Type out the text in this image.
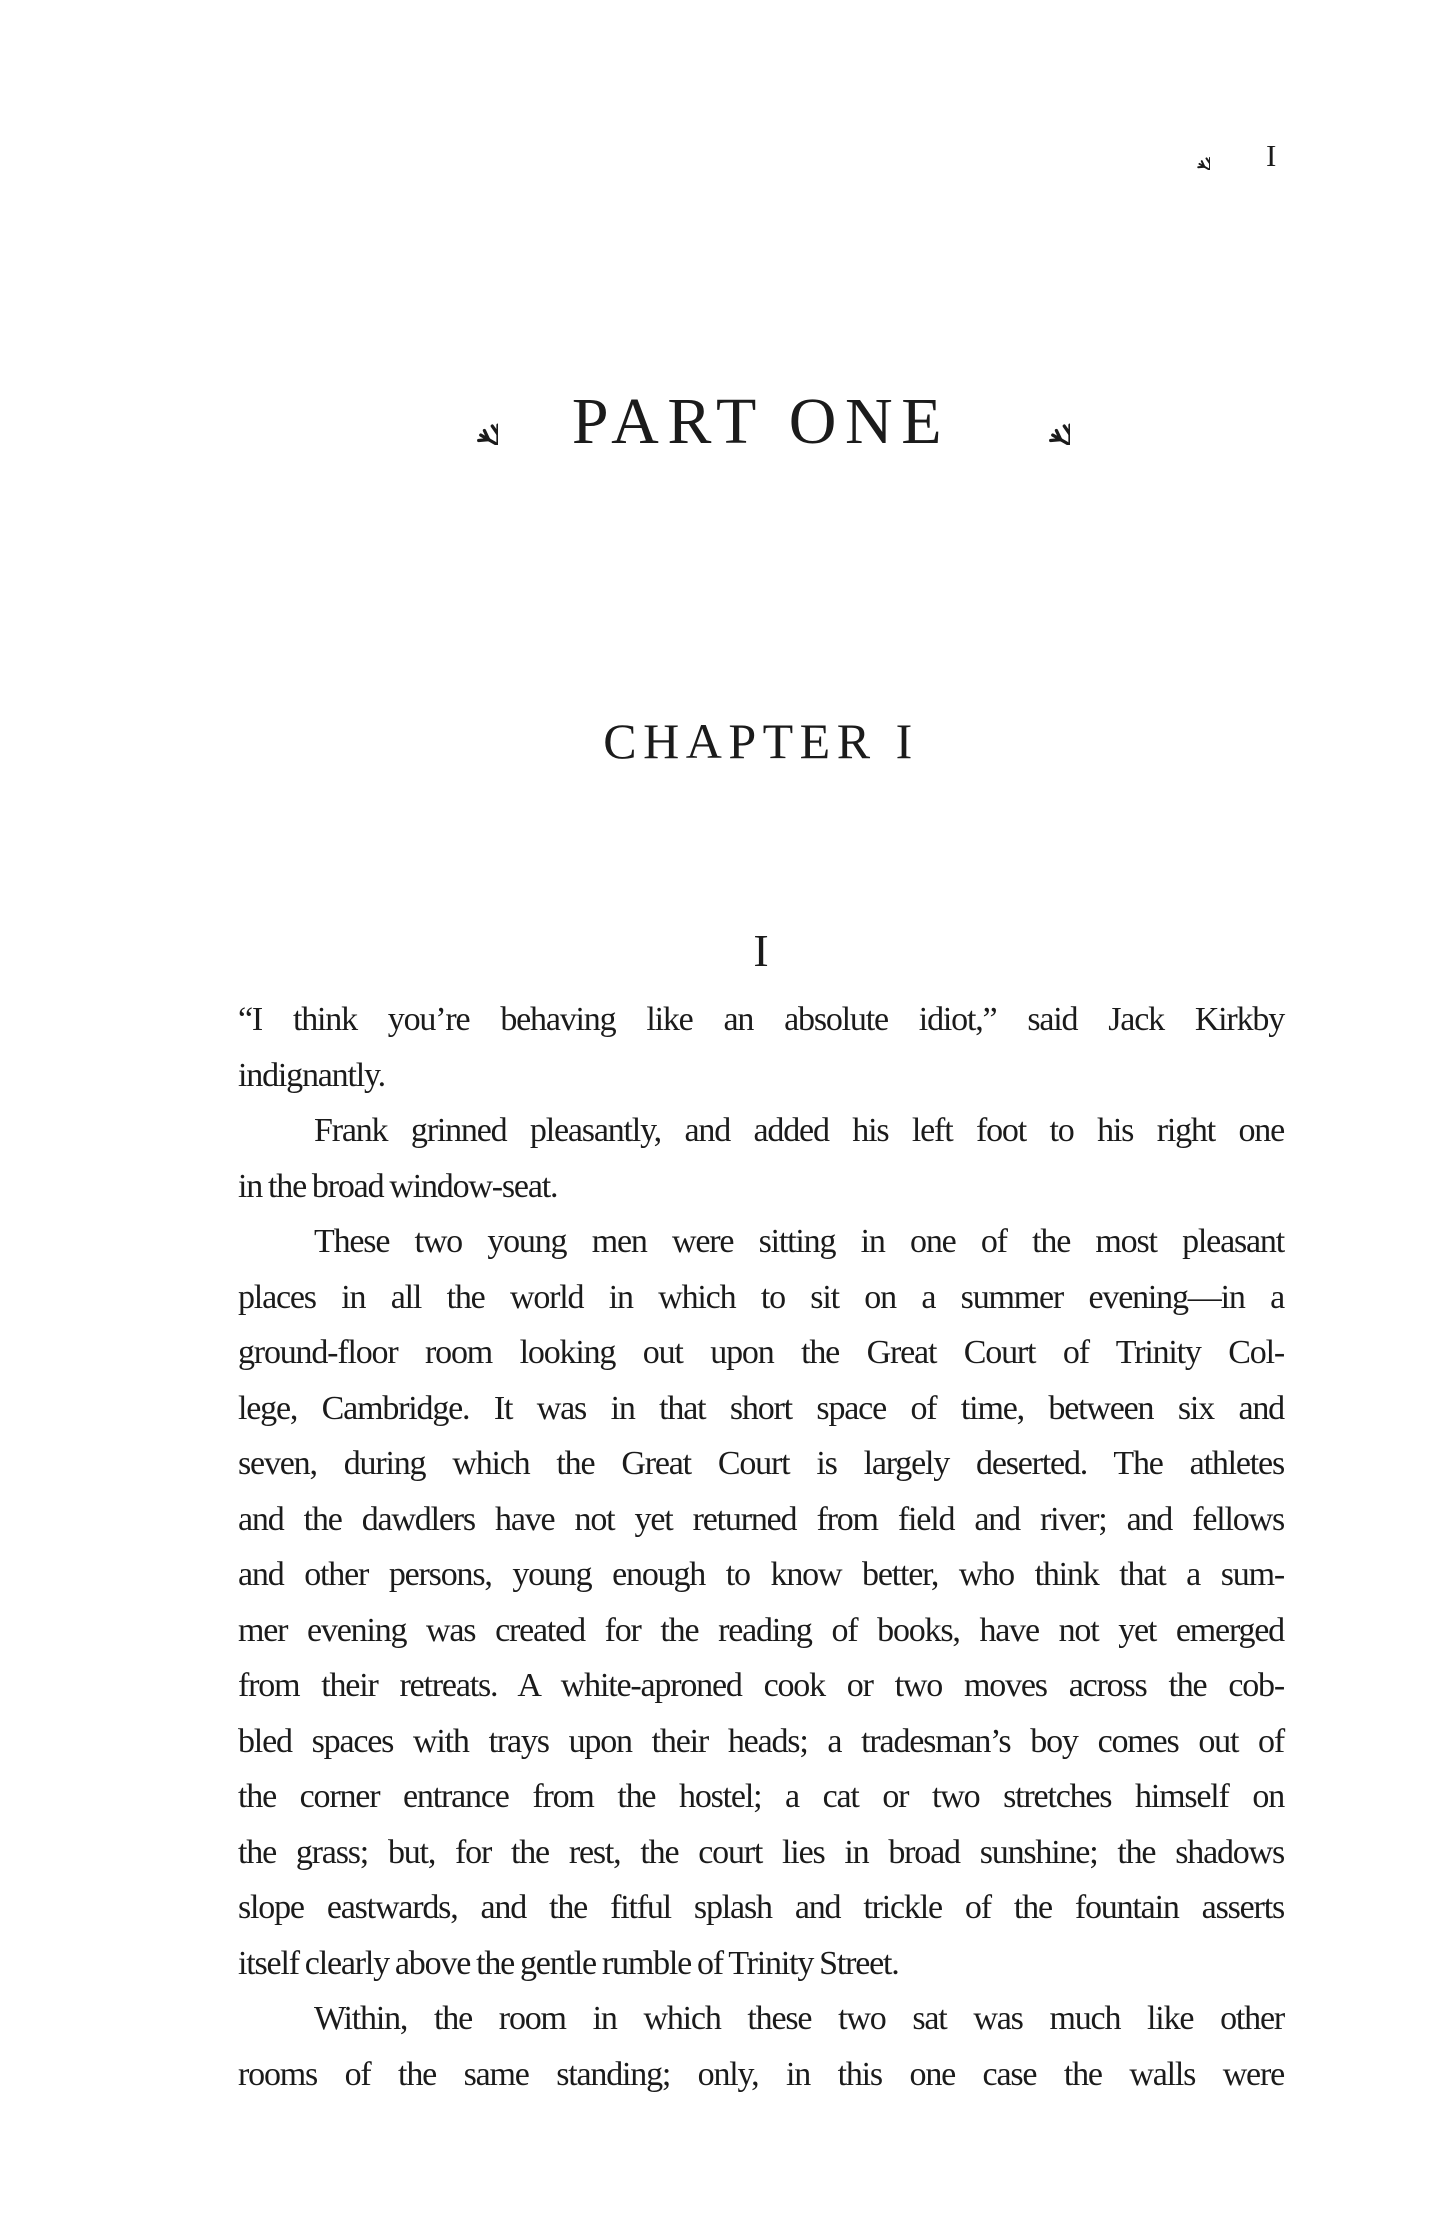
I
PART ONE
CHAPTER I
I
“I think you’re behaving like an absolute idiot,” said Jack Kirkby
indignantly.
Frank grinned pleasantly, and added his left foot to his right one
in the broad window-seat.
These two young men were sitting in one of the most pleasant
places in all the world in which to sit on a summer evening—in a
ground-floor room looking out upon the Great Court of Trinity Col-
lege, Cambridge. It was in that short space of time, between six and
seven, during which the Great Court is largely deserted. The athletes
and the dawdlers have not yet returned from field and river; and fellows
and other persons, young enough to know better, who think that a sum-
mer evening was created for the reading of books, have not yet emerged
from their retreats. A white-aproned cook or two moves across the cob-
bled spaces with trays upon their heads; a tradesman’s boy comes out of
the corner entrance from the hostel; a cat or two stretches himself on
the grass; but, for the rest, the court lies in broad sunshine; the shadows
slope eastwards, and the fitful splash and trickle of the fountain asserts
itself clearly above the gentle rumble of Trinity Street.
Within, the room in which these two sat was much like other
rooms of the same standing; only, in this one case the walls were
